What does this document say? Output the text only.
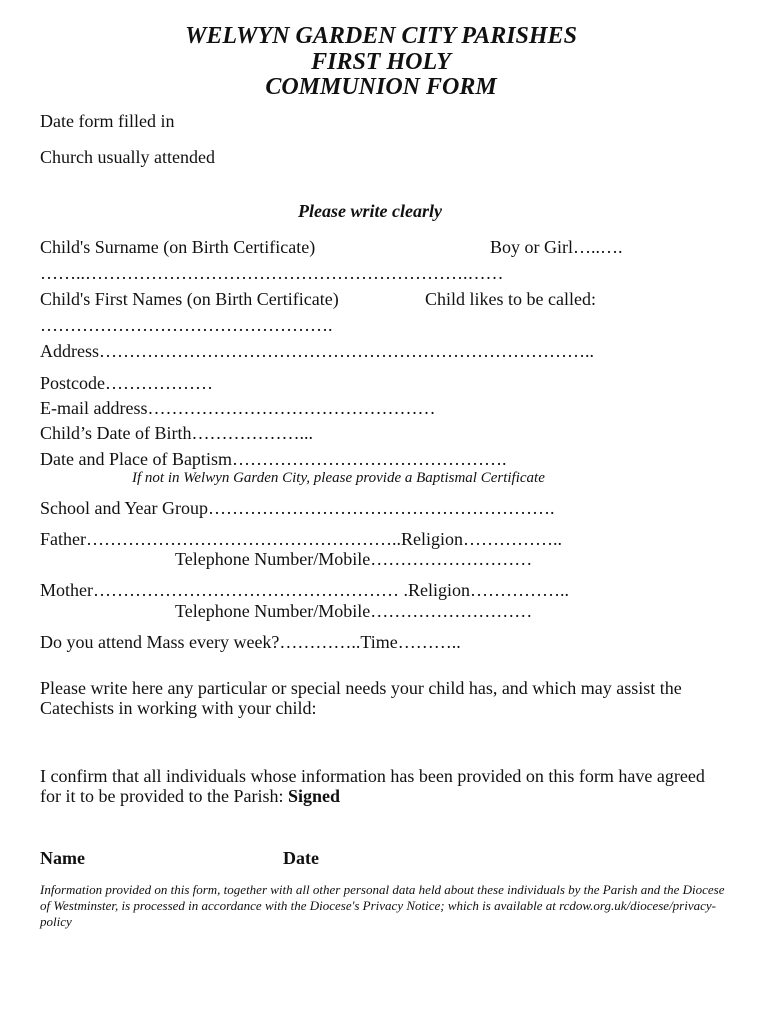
WELWYN GARDEN CITY PARISHES
FIRST HOLY
COMMUNION FORM
Date form filled in
Church usually attended
Please write clearly
Child's Surname (on Birth Certificate)	Boy or Girl…..….
……..……………………………………………………….……
Child's First Names (on Birth Certificate)	Child likes to be called:
………………………………………….
Address………………………………………………………………………..
Postcode………………
E-mail address…………………………………………
Child’s Date of Birth………………...
Date and Place of Baptism……………………………………….
If not in Welwyn Garden City, please provide a Baptismal Certificate
School and Year Group………………………………………………….
Father……………………………………………..Religion……………..
Telephone Number/Mobile………………………
Mother…………………………………………… .Religion……………..
Telephone Number/Mobile………………………
Do you attend Mass every week?…………..Time………..
Please write here any particular or special needs your child has, and which may assist the Catechists in working with your child:
I confirm that all individuals whose information has been provided on this form have agreed for it to be provided to the Parish: Signed
Name	Date
Information provided on this form, together with all other personal data held about these individuals by the Parish and the Diocese of Westminster, is processed in accordance with the Diocese's Privacy Notice; which is available at rcdow.org.uk/diocese/privacy-policy
